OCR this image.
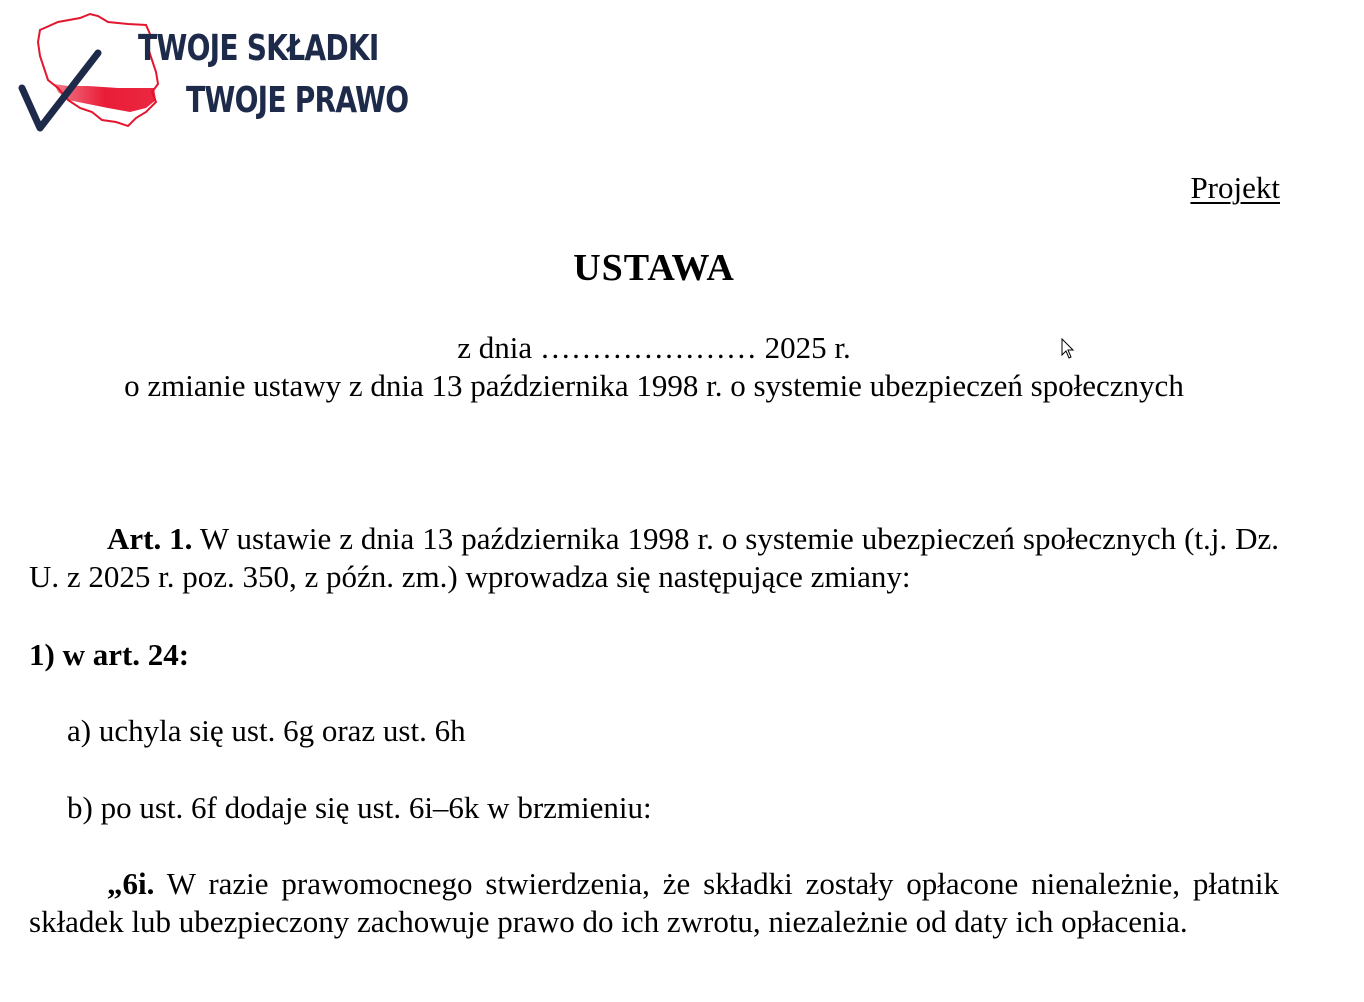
TWOJE SKŁADKI
TWOJE PRAWO
Projekt
USTAWA
z dnia ………………… 2025 r.
o zmianie ustawy z dnia 13 października 1998 r. o systemie ubezpieczeń społecznych
Art. 1. W ustawie z dnia 13 października 1998 r. o systemie ubezpieczeń społecznych (t.j. Dz. U. z 2025 r. poz. 350, z późn. zm.) wprowadza się następujące zmiany:
1) w art. 24:
a) uchyla się ust. 6g oraz ust. 6h
b) po ust. 6f dodaje się ust. 6i–6k w brzmieniu:
„6i. W razie prawomocnego stwierdzenia, że składki zostały opłacone nienależnie, płatnik składek lub ubezpieczony zachowuje prawo do ich zwrotu, niezależnie od daty ich opłacenia.
